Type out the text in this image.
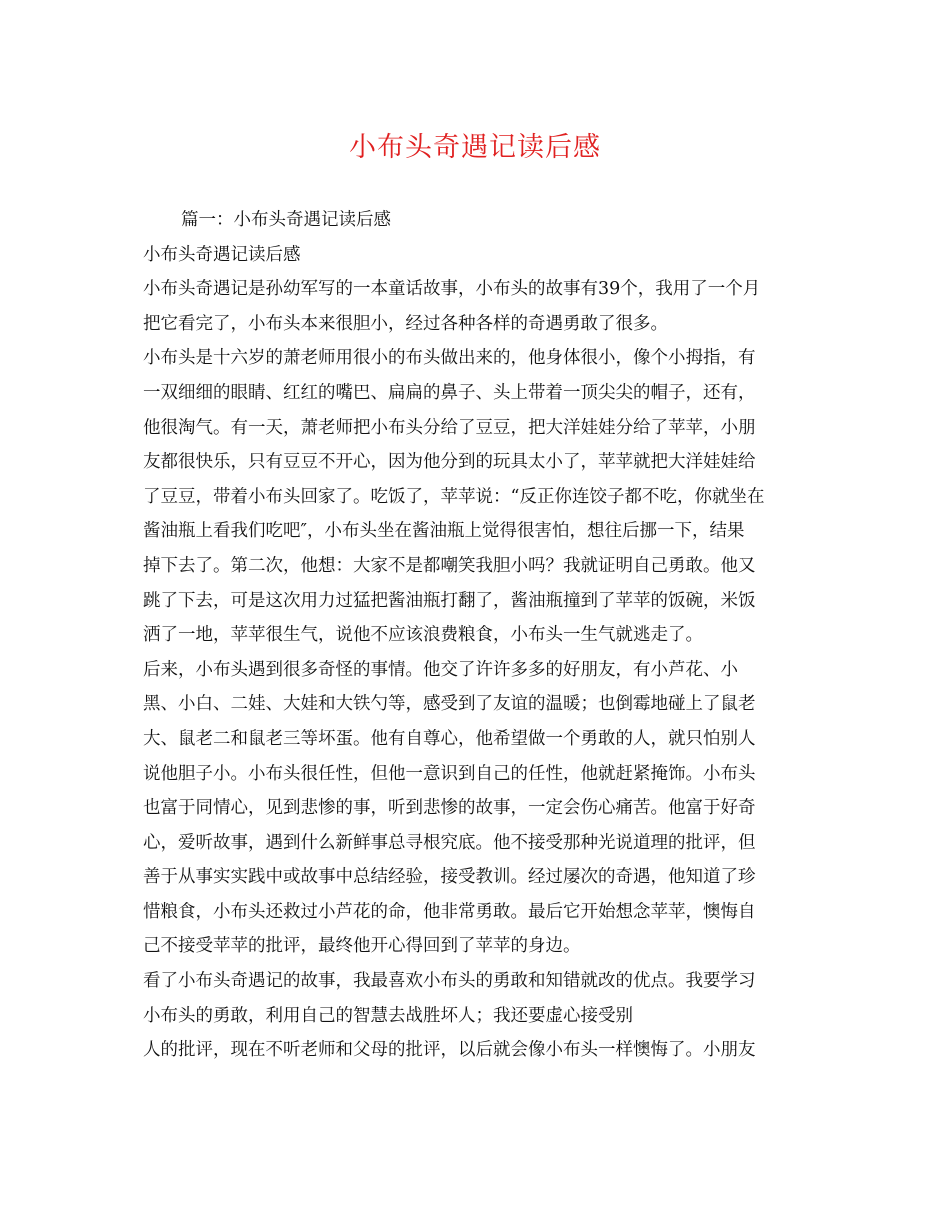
小布头奇遇记读后感
篇一：小布头奇遇记读后感
小布头奇遇记读后感
小布头奇遇记是孙幼军写的一本童话故事，小布头的故事有39个，我用了一个月
把它看完了，小布头本来很胆小，经过各种各样的奇遇勇敢了很多。
小布头是十六岁的萧老师用很小的布头做出来的，他身体很小，像个小拇指，有
一双细细的眼睛、红红的嘴巴、扁扁的鼻子、头上带着一顶尖尖的帽子，还有，
他很淘气。有一天，萧老师把小布头分给了豆豆，把大洋娃娃分给了苹苹，小朋
友都很快乐，只有豆豆不开心，因为他分到的玩具太小了，苹苹就把大洋娃娃给
了豆豆，带着小布头回家了。吃饭了，苹苹说：“反正你连饺子都不吃，你就坐在
酱油瓶上看我们吃吧″，小布头坐在酱油瓶上觉得很害怕，想往后挪一下，结果
掉下去了。第二次，他想：大家不是都嘲笑我胆小吗？我就证明自己勇敢。他又
跳了下去，可是这次用力过猛把酱油瓶打翻了，酱油瓶撞到了苹苹的饭碗，米饭
洒了一地，苹苹很生气，说他不应该浪费粮食，小布头一生气就逃走了。
后来，小布头遇到很多奇怪的事情。他交了许许多多的好朋友，有小芦花、小
黑、小白、二娃、大娃和大铁勺等，感受到了友谊的温暖；也倒霉地碰上了鼠老
大、鼠老二和鼠老三等坏蛋。他有自尊心，他希望做一个勇敢的人，就只怕别人
说他胆子小。小布头很任性，但他一意识到自己的任性，他就赶紧掩饰。小布头
也富于同情心，见到悲惨的事，听到悲惨的故事，一定会伤心痛苦。他富于好奇
心，爱听故事，遇到什么新鲜事总寻根究底。他不接受那种光说道理的批评，但
善于从事实实践中或故事中总结经验，接受教训。经过屡次的奇遇，他知道了珍
惜粮食，小布头还救过小芦花的命，他非常勇敢。最后它开始想念苹苹，懊悔自
己不接受苹苹的批评，最终他开心得回到了苹苹的身边。
看了小布头奇遇记的故事，我最喜欢小布头的勇敢和知错就改的优点。我要学习
小布头的勇敢，利用自己的智慧去战胜坏人；我还要虚心接受别
人的批评，现在不听老师和父母的批评，以后就会像小布头一样懊悔了。小朋友
